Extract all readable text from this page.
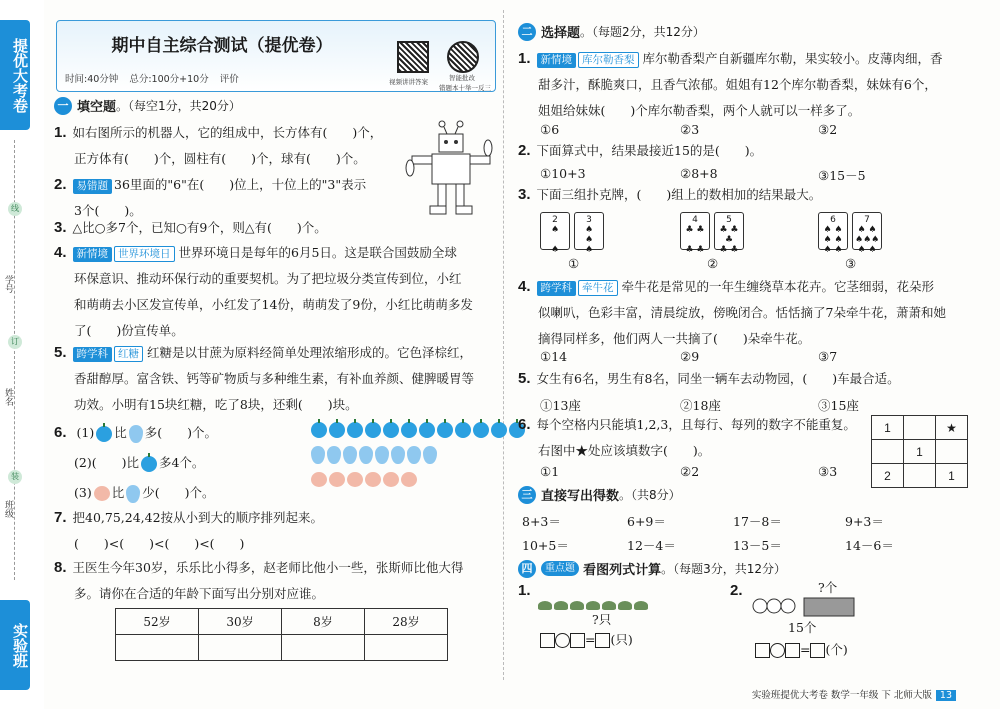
提优大考卷
学号
姓名
班级
线
订
装
实验班
期中自主综合测试（提优卷）
时间:40分钟 总分:100分+10分 评价	视频讲讲答案	智能批改
错题本十举一反三
一 填空题 。（每空1分，共20分）
1. 如右图所示的机器人，它的组成中，长方体有(　　)个，
正方体有(　　)个，圆柱有(　　)个，球有(　　)个。
2. 易错题 36里面的"6"在(　　)位上，十位上的"3"表示
3个(　　)。
3. △比○多7个，已知○有9个，则△有(　　)个。
4. 新情境 世界环境日 世界环境日是每年的6月5日。这是联合国鼓励全球
环保意识、推动环保行动的重要契机。为了把垃圾分类宣传到位，小红
和萌萌去小区发宣传单，小红发了14份，萌萌发了9份，小红比萌萌多发
了(　　)份宣传单。
5. 跨学科 红糖 红糖是以甘蔗为原料经简单处理浓缩形成的。它色泽棕红，
香甜醇厚。富含铁、钙等矿物质与多种维生素，有补血养颜、健脾暖胃等
功效。小明有15块红糖，吃了8块，还剩(　　)块。
6. (1) 比 多(　　)个。
(2)(　　)比 多4个。
(3) 比 少(　　)个。
7. 把40,75,24,42按从小到大的顺序排列起来。
(　　)<(　　)<(　　)<(　　)
8. 王医生今年30岁，乐乐比小得多，赵老师比他小一些，张斯师比他大得
多。请你在合适的年龄下面写出分别对应谁。
52岁	30岁	8岁	28岁

二 选择题 。（每题2分，共12分）
1. 新情境 库尔勒香梨 库尔勒香梨产自新疆库尔勒，果实较小。皮薄肉细，香
甜多汁，酥脆爽口，且香气浓郁。姐姐有12个库尔勒香梨，妹妹有6个，
姐姐给妹妹(　　)个库尔勒香梨，两个人就可以一样多了。
①6	②3	③2
2. 下面算式中，结果最接近15的是(　　)。
①10+3	②8+8	③15－5
3. 下面三组扑克牌，(　　)组上的数相加的结果最大。
2
♠

♠
3
♠
♠
♠
4
♣ ♣

♣ ♣
5
♣ ♣
♣
♣ ♣
6
♠ ♠
♠ ♠
♠ ♠
7
♠ ♠
♠♠♠
♠ ♠
①	②	③
4. 跨学科 牵牛花 牵牛花是常见的一年生缠绕草本花卉。它茎细弱，花朵形
似喇叭，色彩丰富，清晨绽放，傍晚闭合。恬恬摘了7朵牵牛花，萧萧和她
摘得同样多，他们两人一共摘了(　　)朵牵牛花。
①14	②9	③7
5. 女生有6名，男生有8名，同坐一辆车去动物园，(　　)车最合适。
①13座	②18座	③15座
6. 每个空格内只能填1,2,3，且每行、每列的数字不能重复。
右图中★处应该填数字(　　)。
1		★
	1	
2		1
①1	②2	③3
三 直接写出得数 。（共8分）
8+3＝	6+9＝	17－8＝	9+3＝
10+5＝	12－4＝	13－5＝	14－6＝
四	重点题
看图列式计算 。（每题3分，共12分）
1.
?只
= (只)
2.	?个
15个
= (个)
实验班提优大考卷 数学一年级 下 北师大版 13
